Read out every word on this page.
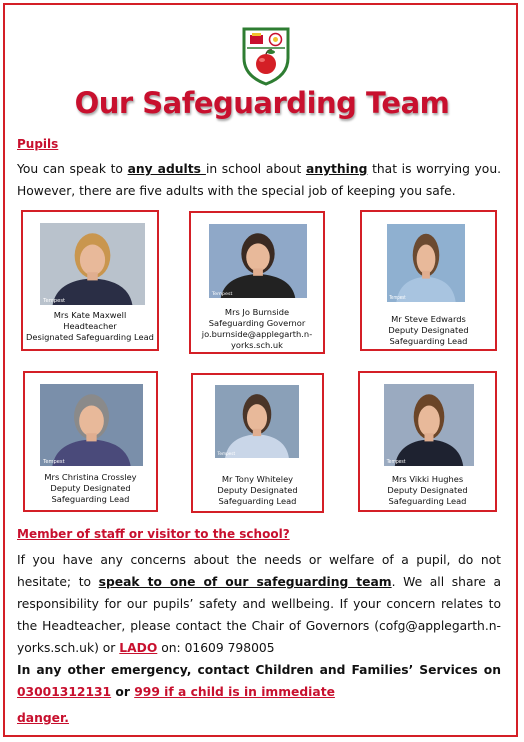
Our Safeguarding Team
Pupils
You can speak to any adults in school about anything that is worrying you. However, there are five adults with the special job of keeping you safe.
Tempest
Mrs Kate Maxwell
Headteacher
Designated Safeguarding Lead
Tempest
Mrs Jo Burnside
Safeguarding Governor
jo.burnside@applegarth.n-
yorks.sch.uk
Tempest
Mr Steve Edwards
Deputy Designated
Safeguarding Lead
Tempest
Mrs Christina Crossley
Deputy Designated
Safeguarding Lead
Tempest
Mr Tony Whiteley
Deputy Designated
Safeguarding Lead
Tempest
Mrs Vikki Hughes
Deputy Designated
Safeguarding Lead
Member of staff or visitor to the school?
If you have any concerns about the needs or welfare of a pupil, do not hesitate; to speak to one of our safeguarding team. We all share a responsibility for our pupils’ safety and wellbeing. If your concern relates to the Headteacher, please contact the Chair of Governors (cofg@applegarth.n-yorks.sch.uk) or LADO on: 01609 798005
In any other emergency, contact Children and Families’ Services on 03001312131 or 999 if a child is in immediate
danger.
